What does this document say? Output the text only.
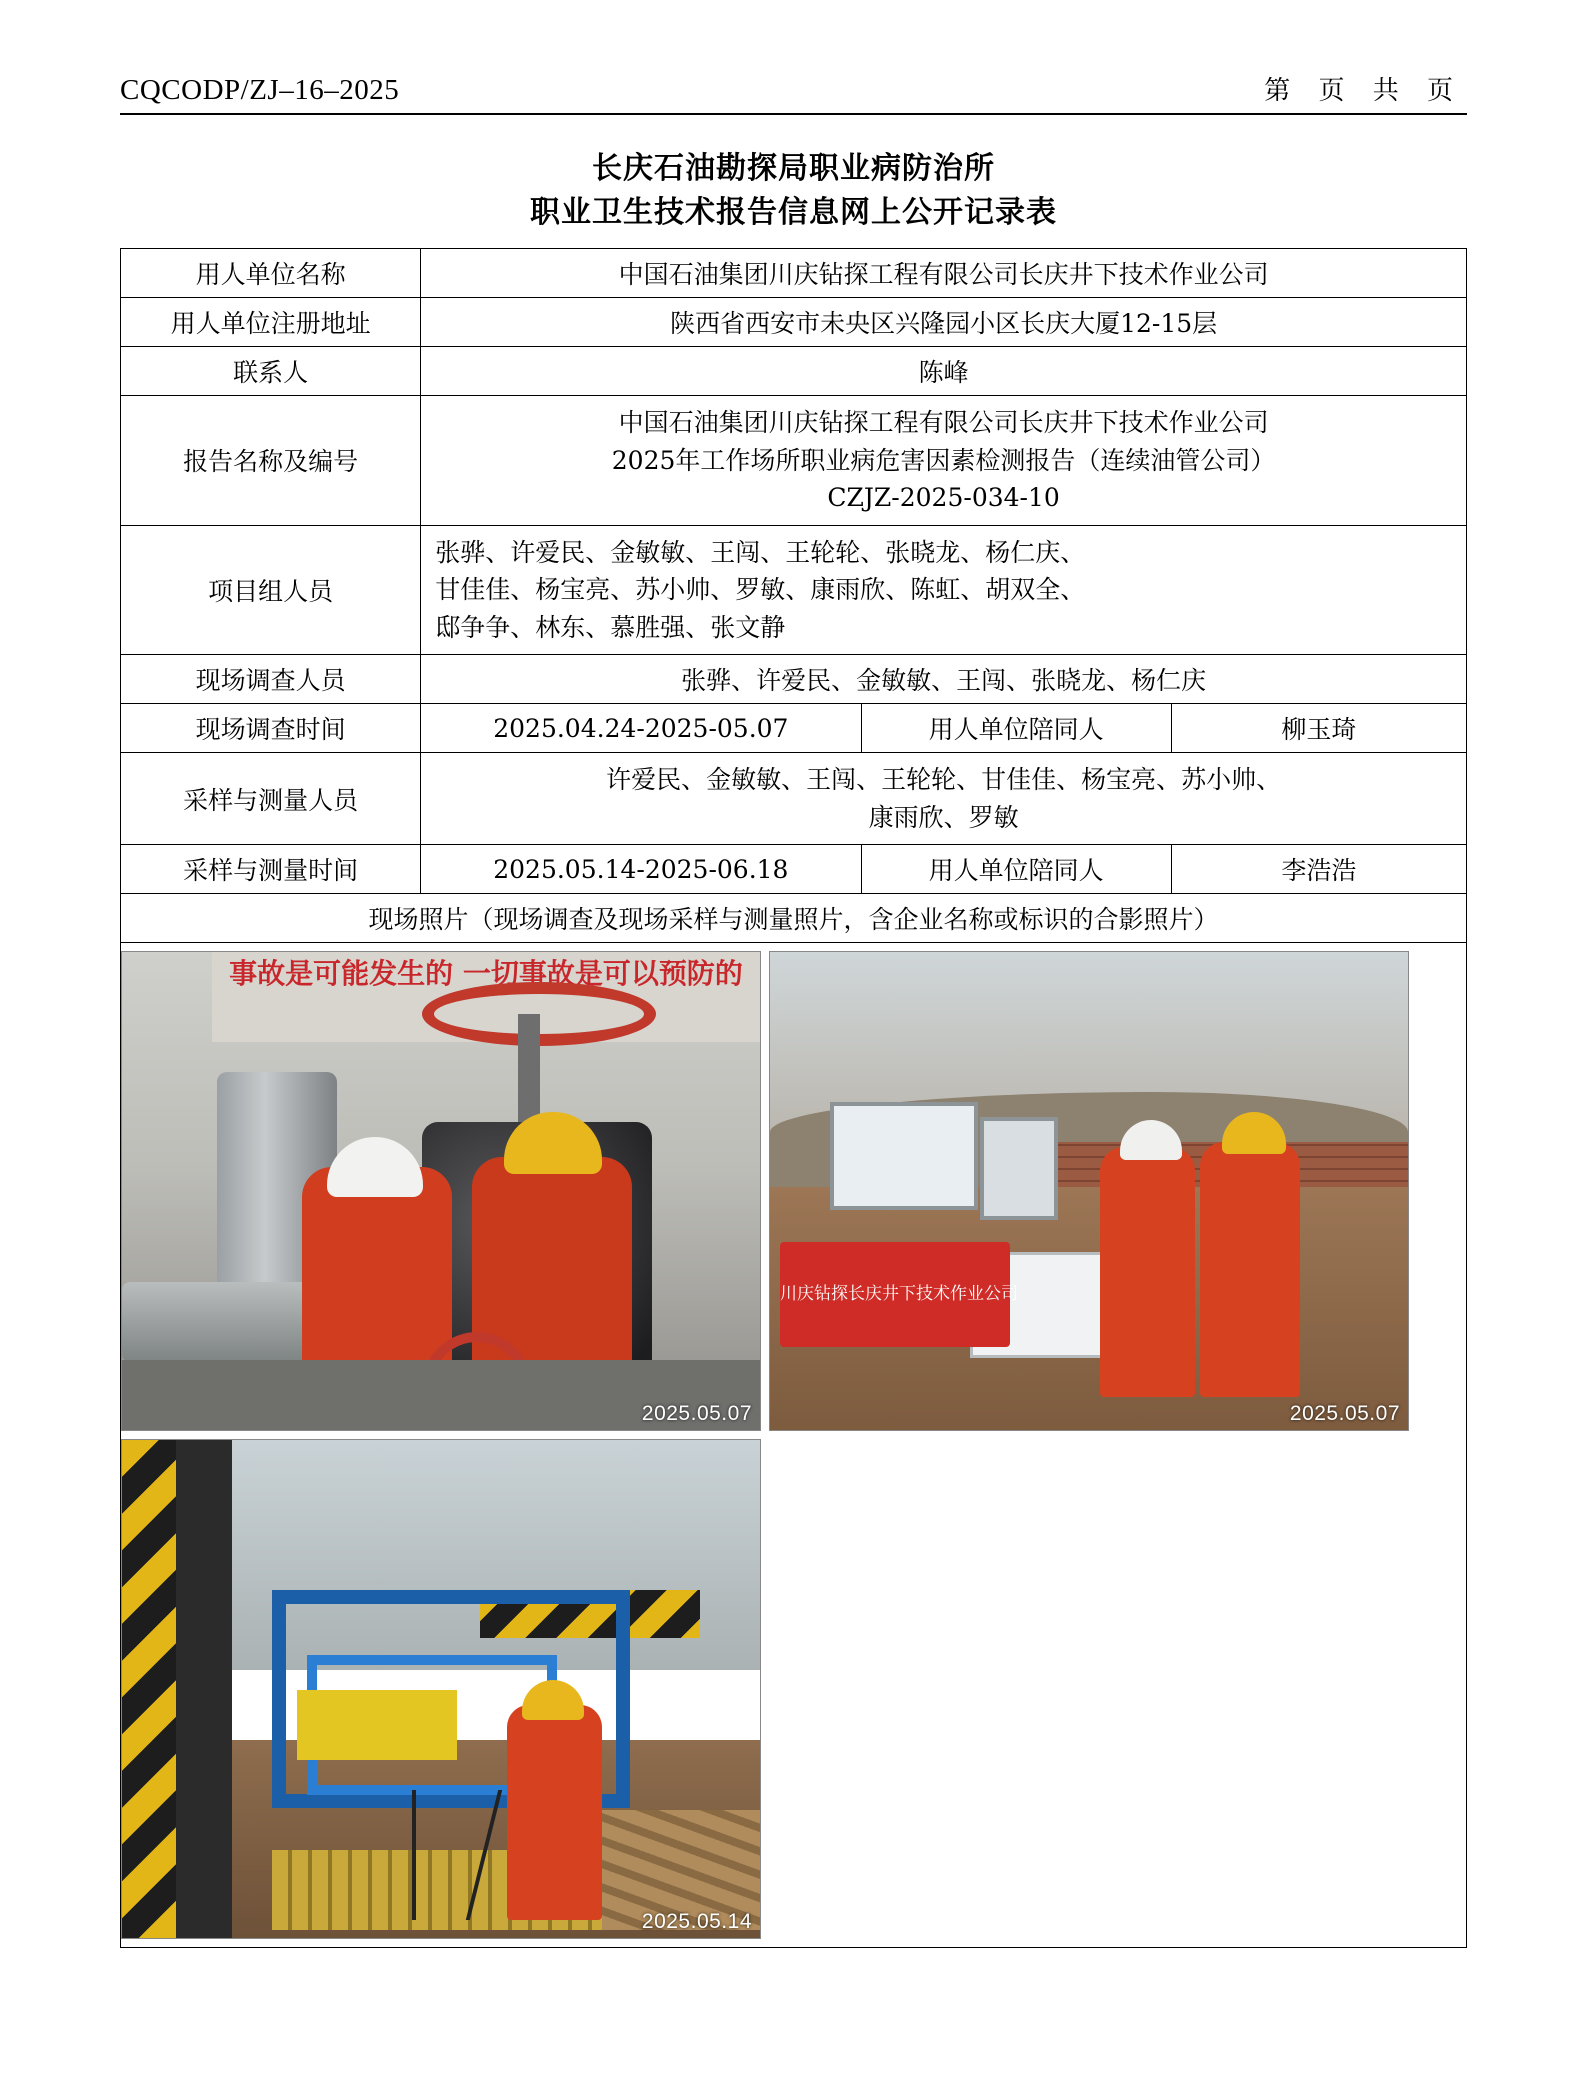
CQCODP/ZJ–16–2025	第 页 共 页
长庆石油勘探局职业病防治所
职业卫生技术报告信息网上公开记录表
用人单位名称	中国石油集团川庆钻探工程有限公司长庆井下技术作业公司		
用人单位注册地址	陕西省西安市未央区兴隆园小区长庆大厦12-15层		
联系人	陈峰		
报告名称及编号	中国石油集团川庆钻探工程有限公司长庆井下技术作业公司
2025年工作场所职业病危害因素检测报告（连续油管公司）
CZJZ-2025-034-10		

项目组人员	张骅、许爱民、金敏敏、王闯、王轮轮、张晓龙、杨仁庆、
甘佳佳、杨宝亮、苏小帅、罗敏、康雨欣、陈虹、胡双全、
邸争争、林东、慕胜强、张文静		

现场调查人员	张骅、许爱民、金敏敏、王闯、张晓龙、杨仁庆		
现场调查时间	2025.04.24-2025-05.07	用人单位陪同人	柳玉琦
采样与测量人员	许爱民、金敏敏、王闯、王轮轮、甘佳佳、杨宝亮、苏小帅、
康雨欣、罗敏		

采样与测量时间	2025.05.14-2025-06.18	用人单位陪同人	李浩浩
现场照片（现场调查及现场采样与测量照片，含企业名称或标识的合影照片）			

事故是可能发生的 一切事故是可以预防的
2025.05.07
川庆钻探长庆井下技术作业公司
2025.05.07
2025.05.14			
